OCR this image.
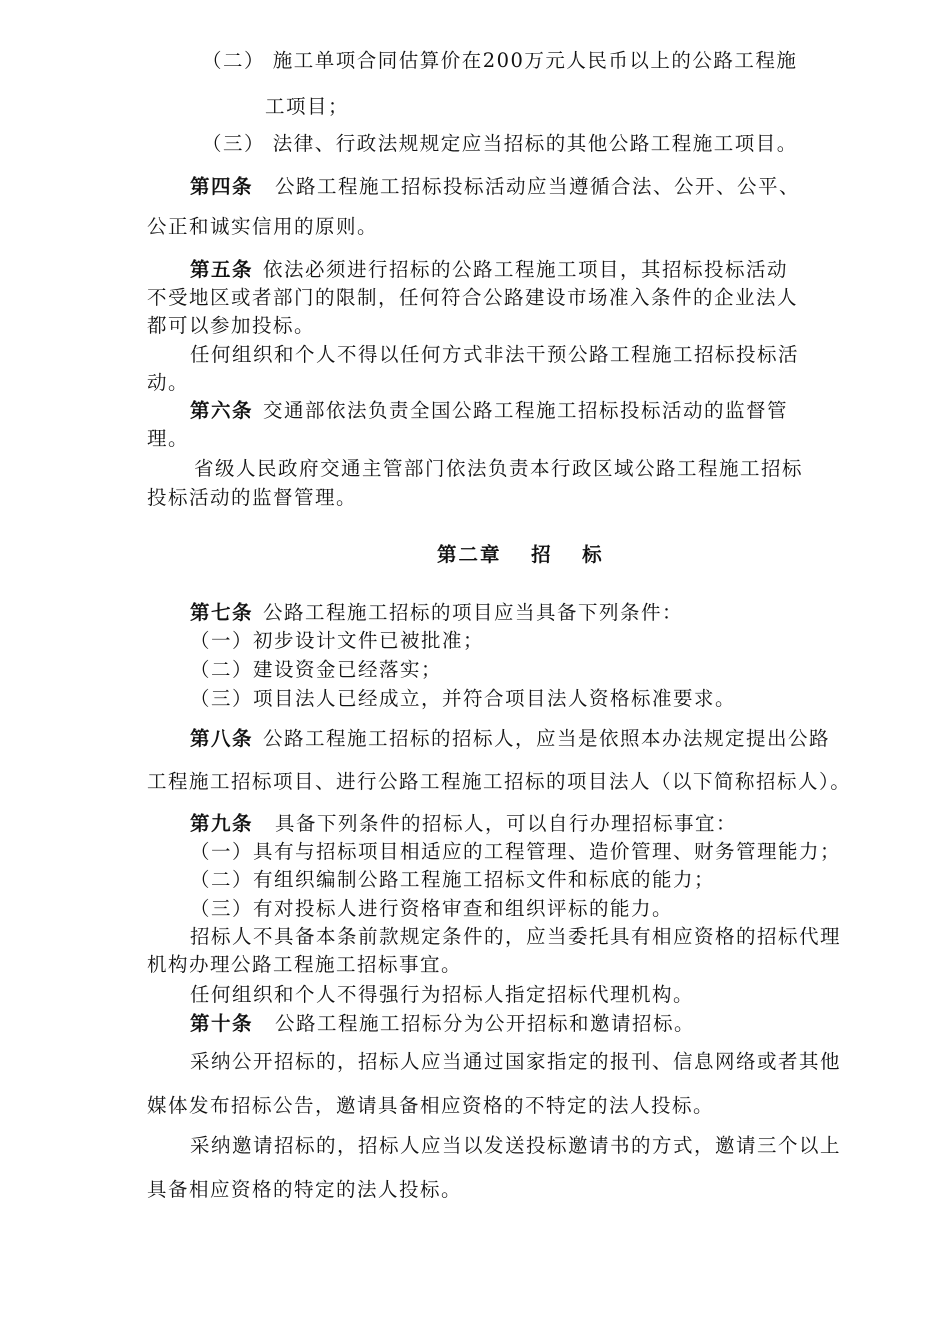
（二） 施工单项合同估算价在200万元人民币以上的公路工程施
工项目；
（三） 法律、行政法规规定应当招标的其他公路工程施工项目。
第四条 公路工程施工招标投标活动应当遵循合法、公开、公平、
公正和诚实信用的原则。
第五条 依法必须进行招标的公路工程施工项目，其招标投标活动
不受地区或者部门的限制，任何符合公路建设市场准入条件的企业法人
都可以参加投标。
任何组织和个人不得以任何方式非法干预公路工程施工招标投标活
动。
第六条 交通部依法负责全国公路工程施工招标投标活动的监督管
理。
省级人民政府交通主管部门依法负责本行政区域公路工程施工招标
投标活动的监督管理。
第二章  招  标
第七条 公路工程施工招标的项目应当具备下列条件：
（一）初步设计文件已被批准；
（二）建设资金已经落实；
（三）项目法人已经成立，并符合项目法人资格标准要求。
第八条 公路工程施工招标的招标人，应当是依照本办法规定提出公路
工程施工招标项目、进行公路工程施工招标的项目法人（以下简称招标人）。
第九条 具备下列条件的招标人，可以自行办理招标事宜：
（一）具有与招标项目相适应的工程管理、造价管理、财务管理能力；
（二）有组织编制公路工程施工招标文件和标底的能力；
（三）有对投标人进行资格审查和组织评标的能力。
招标人不具备本条前款规定条件的，应当委托具有相应资格的招标代理
机构办理公路工程施工招标事宜。
任何组织和个人不得强行为招标人指定招标代理机构。
第十条 公路工程施工招标分为公开招标和邀请招标。
采纳公开招标的，招标人应当通过国家指定的报刊、信息网络或者其他
媒体发布招标公告，邀请具备相应资格的不特定的法人投标。
采纳邀请招标的，招标人应当以发送投标邀请书的方式，邀请三个以上
具备相应资格的特定的法人投标。
